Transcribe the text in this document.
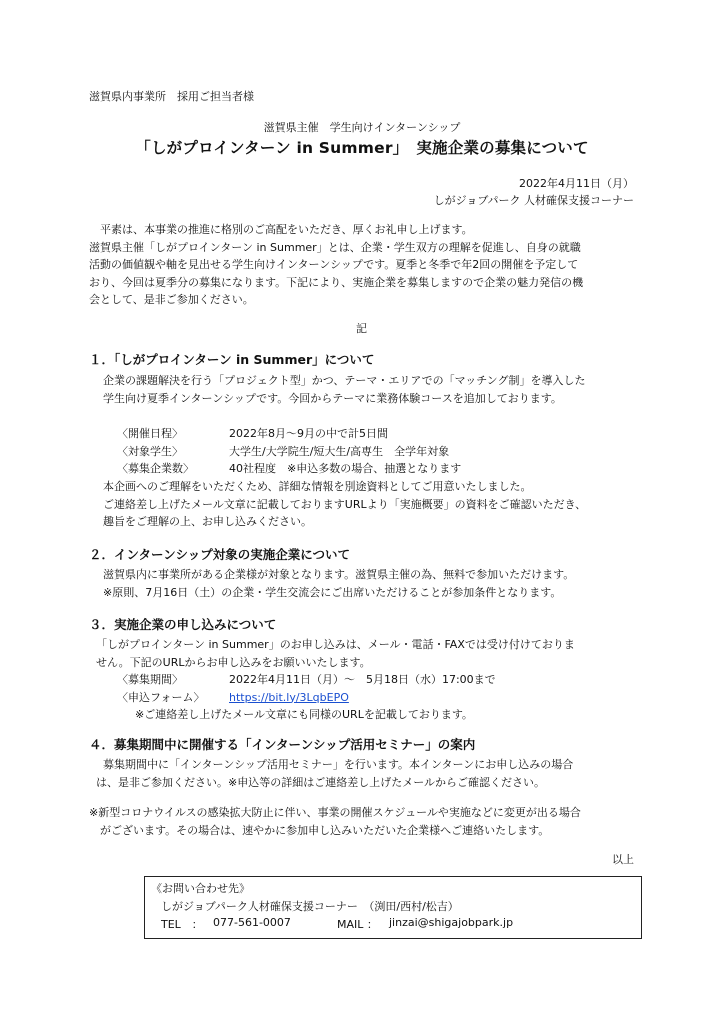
滋賀県内事業所　採用ご担当者様
滋賀県主催　学生向けインターンシップ
「しがプロインターン in Summer」　実施企業の募集について
2022年4月11日（月）
しがジョブパーク 人材確保支援コーナー
　平素は、本事業の推進に格別のご高配をいただき、厚くお礼申し上げます。
滋賀県主催「しがプロインターン in Summer」とは、企業・学生双方の理解を促進し、自身の就職
活動の価値観や軸を見出せる学生向けインターンシップです。夏季と冬季で年2回の開催を予定して
おり、今回は夏季分の募集になります。下記により、実施企業を募集しますので企業の魅力発信の機
会として、是非ご参加ください。
記
１．「しがプロインターン in Summer」について
企業の課題解決を行う「プロジェクト型」かつ、テーマ・エリアでの「マッチング制」を導入した
学生向け夏季インターンシップです。今回からテーマに業務体験コースを追加しております。
〈開催日程〉	2022年8月～9月の中で計5日間
〈対象学生〉	大学生/大学院生/短大生/高専生　全学年対象
〈募集企業数〉	40社程度　※申込多数の場合、抽選となります
本企画へのご理解をいただくため、詳細な情報を別途資料としてご用意いたしました。
ご連絡差し上げたメール文章に記載しておりますURLより「実施概要」の資料をご確認いただき、
趣旨をご理解の上、お申し込みください。
２．インターンシップ対象の実施企業について
滋賀県内に事業所がある企業様が対象となります。滋賀県主催の為、無料で参加いただけます。
※原則、7月16日（土）の企業・学生交流会にご出席いただけることが参加条件となります。
３．実施企業の申し込みについて
「しがプロインターン in Summer」のお申し込みは、メール・電話・FAXでは受け付けておりま
せん。下記のURLからお申し込みをお願いいたします。
〈募集期間〉	2022年4月11日（月）～　5月18日（水）17:00まで
〈申込フォーム〉	https://bit.ly/3LqbEPO
※ご連絡差し上げたメール文章にも同様のURLを記載しております。
４．募集期間中に開催する「インターンシップ活用セミナー」の案内
募集期間中に「インターンシップ活用セミナー」を行います。本インターンにお申し込みの場合
は、是非ご参加ください。※申込等の詳細はご連絡差し上げたメールからご確認ください。
※新型コロナウイルスの感染拡大防止に伴い、事業の開催スケジュールや実施などに変更が出る場合
　がございます。その場合は、速やかに参加申し込みいただいた企業様へご連絡いたします。
以上
《お問い合わせ先》
しがジョブパーク人材確保支援コーナー　（渕田/西村/松吉）
TEL　： 077-561-0007	MAIL ： jinzai@shigajobpark.jp
